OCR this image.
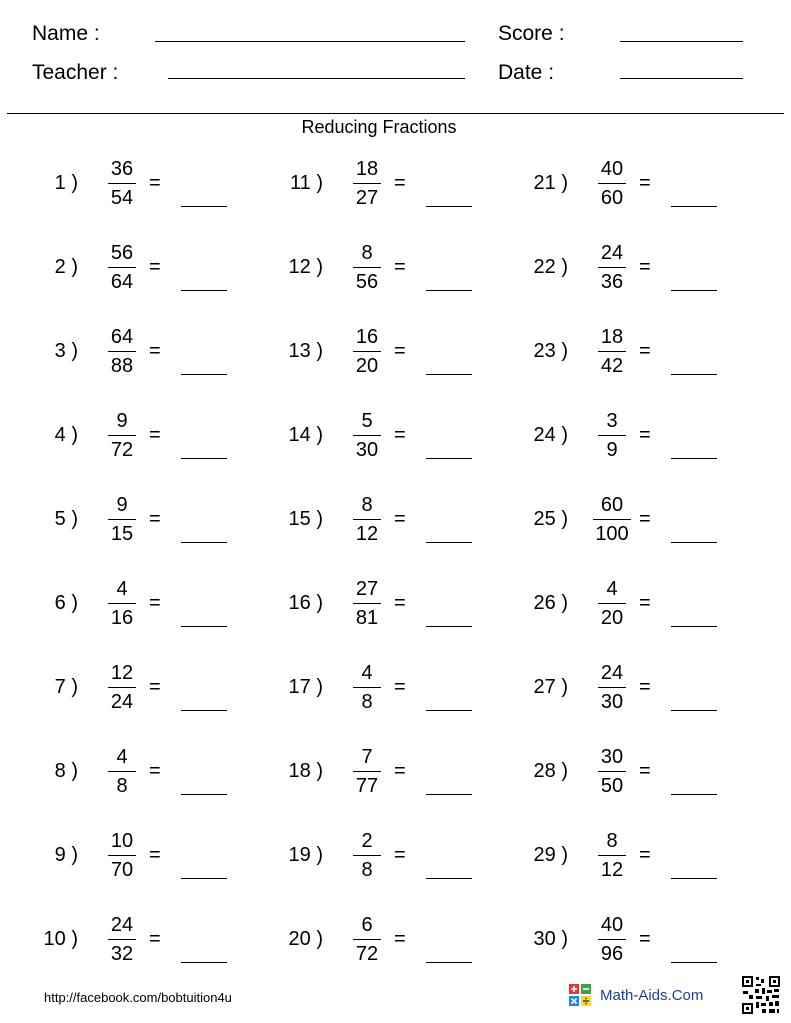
Name :
Teacher :
Score :
Date :
Reducing Fractions
1 )
36
54
=
2 )
56
64
=
3 )
64
88
=
4 )
9
72
=
5 )
9
15
=
6 )
4
16
=
7 )
12
24
=
8 )
4
8
=
9 )
10
70
=
10 )
24
32
=
11 )
18
27
=
12 )
8
56
=
13 )
16
20
=
14 )
5
30
=
15 )
8
12
=
16 )
27
81
=
17 )
4
8
=
18 )
7
77
=
19 )
2
8
=
20 )
6
72
=
21 )
40
60
=
22 )
24
36
=
23 )
18
42
=
24 )
3
9
=
25 )
60
100
=
26 )
4
20
=
27 )
24
30
=
28 )
30
50
=
29 )
8
12
=
30 )
40
96
=
http://facebook.com/bobtuition4u	Math-Aids.Com
